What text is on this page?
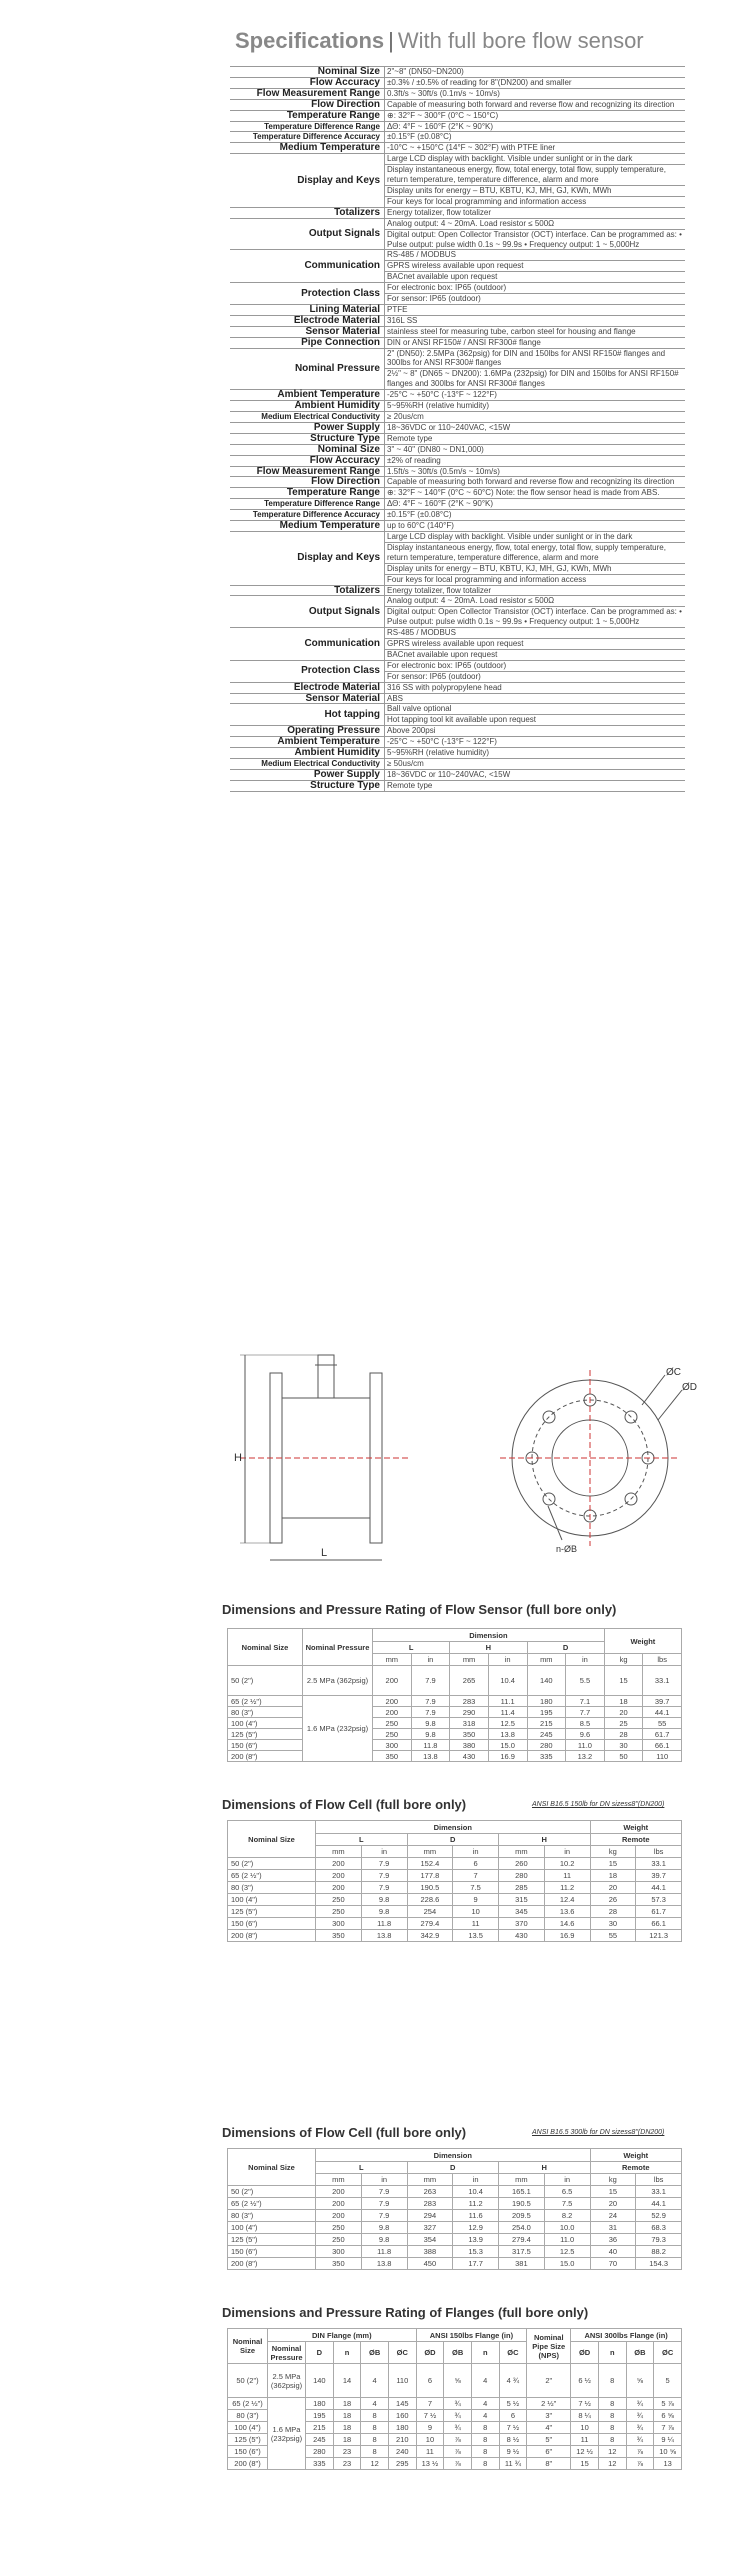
Specifications | With full bore flow sensor
Nominal Size	2"~8" (DN50~DN200)
Flow Accuracy	±0.3% / ±0.5% of reading for 8"(DN200) and smaller
Flow Measurement Range	0.3ft/s ~ 30ft/s (0.1m/s ~ 10m/s)
Flow Direction	Capable of measuring both forward and reverse flow and recognizing its direction
Temperature Range	⊕: 32°F ~ 300°F (0°C ~ 150°C)
Temperature Difference Range	ΔΘ: 4°F ~ 160°F (2°K ~ 90°K)
Temperature Difference Accuracy	±0.15°F (±0.08°C)
Medium Temperature	-10°C ~ +150°C (14°F ~ 302°F) with PTFE liner
Display and Keys	Large LCD display with backlight. Visible under sunlight or in the dark
	Display instantaneous energy, flow, total energy, total flow, supply temperature, return temperature, temperature difference, alarm and more
	Display units for energy – BTU, KBTU, KJ, MH, GJ, KWh, MWh
	Four keys for local programming and information access
Totalizers	Energy totalizer, flow totalizer
Output Signals	Analog output: 4 ~ 20mA. Load resistor ≤ 500Ω
	Digital output: Open Collector Transistor (OCT) interface. Can be programmed as: • Pulse output: pulse width 0.1s ~ 99.9s • Frequency output: 1 ~ 5,000Hz
Communication	RS-485 / MODBUS
	GPRS wireless available upon request
	BACnet available upon request
Protection Class	For electronic box: IP65 (outdoor)
	For sensor: IP65 (outdoor)
Lining Material	PTFE
Electrode Material	316L SS
Sensor Material	stainless steel for measuring tube, carbon steel for housing and flange
Pipe Connection	DIN or ANSI RF150# / ANSI RF300# flange
Nominal Pressure	2" (DN50): 2.5MPa (362psig) for DIN and 150lbs for ANSI RF150# flanges and 300lbs for ANSI RF300# flanges
	2½" ~ 8" (DN65 ~ DN200): 1.6MPa (232psig) for DIN and 150lbs for ANSI RF150# flanges and 300lbs for ANSI RF300# flanges
Ambient Temperature	-25°C ~ +50°C (-13°F ~ 122°F)
Ambient Humidity	5~95%RH (relative humidity)
Medium Electrical Conductivity	≥ 20us/cm
Power Supply	18~36VDC or 110~240VAC, <15W
Structure Type	Remote type
Nominal Size	3" ~ 40" (DN80 ~ DN1,000)
Flow Accuracy	±2% of reading
Flow Measurement Range	1.5ft/s ~ 30ft/s (0.5m/s ~ 10m/s)
Flow Direction	Capable of measuring both forward and reverse flow and recognizing its direction
Temperature Range	⊕: 32°F ~ 140°F (0°C ~ 60°C) Note: the flow sensor head is made from ABS.
Temperature Difference Range	ΔΘ: 4°F ~ 160°F (2°K ~ 90°K)
Temperature Difference Accuracy	±0.15°F (±0.08°C)
Medium Temperature	up to 60°C (140°F)
Display and Keys	Large LCD display with backlight. Visible under sunlight or in the dark
	Display instantaneous energy, flow, total energy, total flow, supply temperature, return temperature, temperature difference, alarm and more
	Display units for energy – BTU, KBTU, KJ, MH, GJ, KWh, MWh
	Four keys for local programming and information access
Totalizers	Energy totalizer, flow totalizer
Output Signals	Analog output: 4 ~ 20mA. Load resistor ≤ 500Ω
	Digital output: Open Collector Transistor (OCT) interface. Can be programmed as: • Pulse output: pulse width 0.1s ~ 99.9s • Frequency output: 1 ~ 5,000Hz
Communication	RS-485 / MODBUS
	GPRS wireless available upon request
	BACnet available upon request
Protection Class	For electronic box: IP65 (outdoor)
	For sensor: IP65 (outdoor)
Electrode Material	316 SS with polypropylene head
Sensor Material	ABS
Hot tapping	Ball valve optional
	Hot tapping tool kit available upon request
Operating Pressure	Above 200psi
Ambient Temperature	-25°C ~ +50°C (-13°F ~ 122°F)
Ambient Humidity	5~95%RH (relative humidity)
Medium Electrical Conductivity	≥ 50us/cm
Power Supply	18~36VDC or 110~240VAC, <15W
Structure Type	Remote type
H
L
ØC
ØD
n-ØB
Dimensions and Pressure Rating of Flow Sensor (full bore only)
Nominal Size	Nominal Pressure	Dimension						Weight	
		L		H		D			
		mm	in	mm	in	mm	in	kg	lbs
50 (2")	2.5 MPa (362psig)	200	7.9	265	10.4	140	5.5	15	33.1
65 (2 ½")	1.6 MPa (232psig)	200	7.9	283	11.1	180	7.1	18	39.7
80 (3")		200	7.9	290	11.4	195	7.7	20	44.1
100 (4")		250	9.8	318	12.5	215	8.5	25	55
125 (5")		250	9.8	350	13.8	245	9.6	28	61.7
150 (6")		300	11.8	380	15.0	280	11.0	30	66.1
200 (8")		350	13.8	430	16.9	335	13.2	50	110
Dimensions of Flow Cell (full bore only)	ANSI B16.5 150lb for DN sizes≤8"(DN200)
Nominal Size	Dimension						Weight	
	L		D		H		Remote	
	mm	in	mm	in	mm	in	kg	lbs
50 (2")	200	7.9	152.4	6	260	10.2	15	33.1
65 (2 ½")	200	7.9	177.8	7	280	11	18	39.7
80 (3")	200	7.9	190.5	7.5	285	11.2	20	44.1
100 (4")	250	9.8	228.6	9	315	12.4	26	57.3
125 (5")	250	9.8	254	10	345	13.6	28	61.7
150 (6")	300	11.8	279.4	11	370	14.6	30	66.1
200 (8")	350	13.8	342.9	13.5	430	16.9	55	121.3
Dimensions of Flow Cell (full bore only)	ANSI B16.5 300lb for DN sizes≤8"(DN200)
Nominal Size	Dimension						Weight	
	L		D		H		Remote	
	mm	in	mm	in	mm	in	kg	lbs
50 (2")	200	7.9	263	10.4	165.1	6.5	15	33.1
65 (2 ½")	200	7.9	283	11.2	190.5	7.5	20	44.1
80 (3")	200	7.9	294	11.6	209.5	8.2	24	52.9
100 (4")	250	9.8	327	12.9	254.0	10.0	31	68.3
125 (5")	250	9.8	354	13.9	279.4	11.0	36	79.3
150 (6")	300	11.8	388	15.3	317.5	12.5	40	88.2
200 (8")	350	13.8	450	17.7	381	15.0	70	154.3
Dimensions and Pressure Rating of Flanges (full bore only)
Nominal Size	DIN Flange (mm)					ANSI 150lbs Flange (in)				Nominal Pipe Size (NPS)	ANSI 300lbs Flange (in)			
	Nominal Pressure	D	n	ØB	ØC	ØD	ØB	n	ØC		ØD	n	ØB	ØC
50 (2")	2.5 MPa (362psig)	140	14	4	110	6	⅝	4	4 ¾	2"	6 ½	8	⅝	5
65 (2 ½")	1.6 MPa (232psig)	180	18	4	145	7	¾	4	5 ½	2 ½"	7 ½	8	¾	5 ⅞
80 (3")		195	18	8	160	7 ½	¾	4	6	3"	8 ¼	8	¾	6 ⅝
100 (4")		215	18	8	180	9	¾	8	7 ½	4"	10	8	¾	7 ⅞
125 (5")		245	18	8	210	10	⅞	8	8 ½	5"	11	8	¾	9 ¼
150 (6")		280	23	8	240	11	⅞	8	9 ½	6"	12 ½	12	⅞	10 ⅝
200 (8")		335	23	12	295	13 ½	⅞	8	11 ¾	8"	15	12	⅞	13
